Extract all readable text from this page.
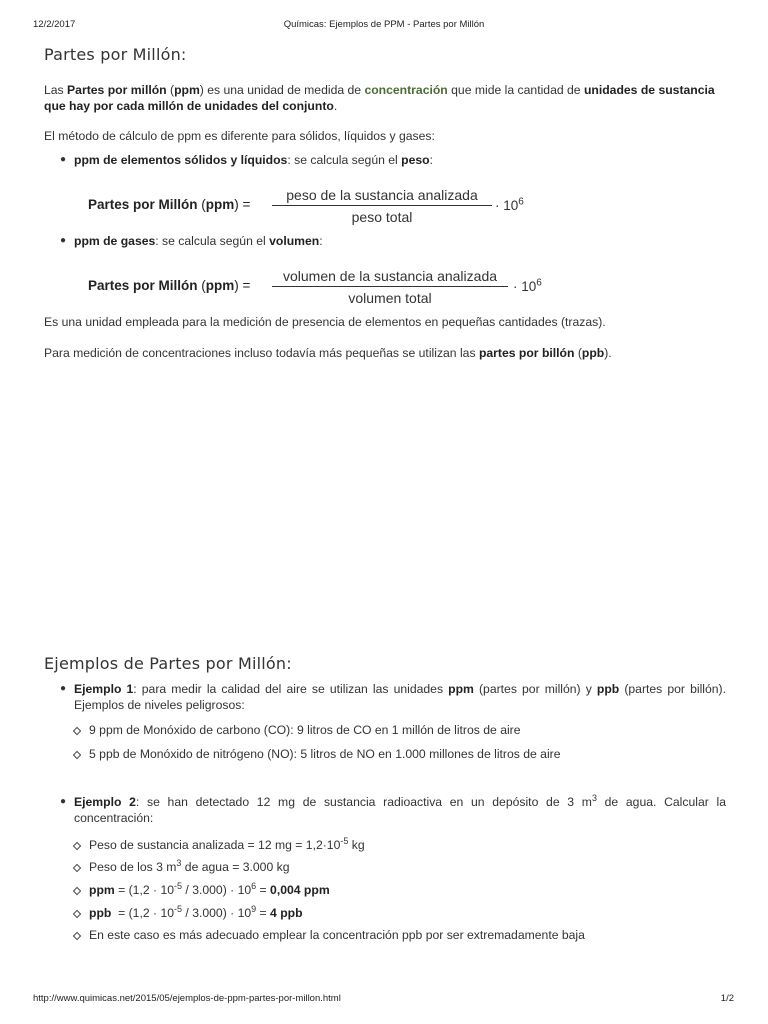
12/2/2017	Químicas: Ejemplos de PPM - Partes por Millón
Partes por Millón:

Las Partes por millón (ppm) es una unidad de medida de concentración que mide la cantidad de unidades de sustancia que hay por cada millón de unidades del conjunto.

El método de cálculo de ppm es diferente para sólidos, líquidos y gases:

● ppm de elementos sólidos y líquidos: se calcula según el peso:
Partes por Millón (ppm) =
peso de la sustancia analizada
peso total
· $10^6$
● ppm de gases: se calcula según el volumen:
Partes por Millón (ppm) =
volumen de la sustancia analizada
volumen total
· $10^6$

Es una unidad empleada para la medición de presencia de elementos en pequeñas cantidades (trazas).

Para medición de concentraciones incluso todavía más pequeñas se utilizan las partes por billón (ppb).

Ejemplos de Partes por Millón:
● Ejemplo 1: para medir la calidad del aire se utilizan las unidades ppm (partes por millón) y ppb (partes por billón). Ejemplos de niveles peligrosos:
9 ppm de Monóxido de carbono (CO): 9 litros de CO en 1 millón de litros de aire
5 ppb de Monóxido de nitrógeno (NO): 5 litros de NO en 1.000 millones de litros de aire
● Ejemplo 2: se han detectado 12 mg de sustancia radioactiva en un depósito de 3 $m^3$ de agua. Calcular la concentración:
Peso de sustancia analizada = 12 mg = $1,2\cdot 10^{-5}$ kg
Peso de los 3 $m^3$ de agua = 3.000 kg
ppm = $(1,2 \cdot 10^{-5} / 3.000) \cdot 10^6 = 0,004$ ppm
ppb  = $(1,2 \cdot 10^{-5} / 3.000) \cdot 10^9 = 4$ ppb
En este caso es más adecuado emplear la concentración ppb por ser extremadamente baja
http://www.quimicas.net/2015/05/ejemplos-de-ppm-partes-por-millon.html	1/2
